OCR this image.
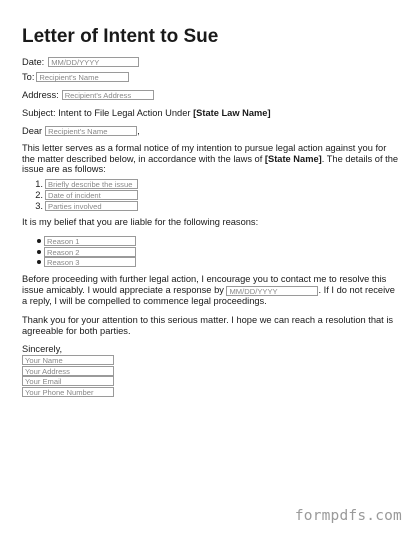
Letter of Intent to Sue
Date: MM/DD/YYYY
To: Recipient's Name
Address: Recipient's Address

Subject: Intent to File Legal Action Under [State Law Name]

Dear Recipient's Name	,

This letter serves as a formal notice of my intention to pursue legal action against you for the matter described below, in accordance with the laws of [State Name]. The details of the issue are as follows:

1. Briefly describe the issue
2. Date of incident
3. Parties involved

It is my belief that you are liable for the following reasons:

Reason 1
Reason 2
Reason 3

Before proceeding with further legal action, I encourage you to contact me to resolve this issue amicably. I would appreciate a response by MM/DD/YYYY	. If I do not receive a reply, I will be compelled to commence legal proceedings.

Thank you for your attention to this serious matter. I hope we can reach a resolution that is agreeable for both parties.

Sincerely,

Your Name
Your Address
Your Email
Your Phone Number
formpdfs.com
